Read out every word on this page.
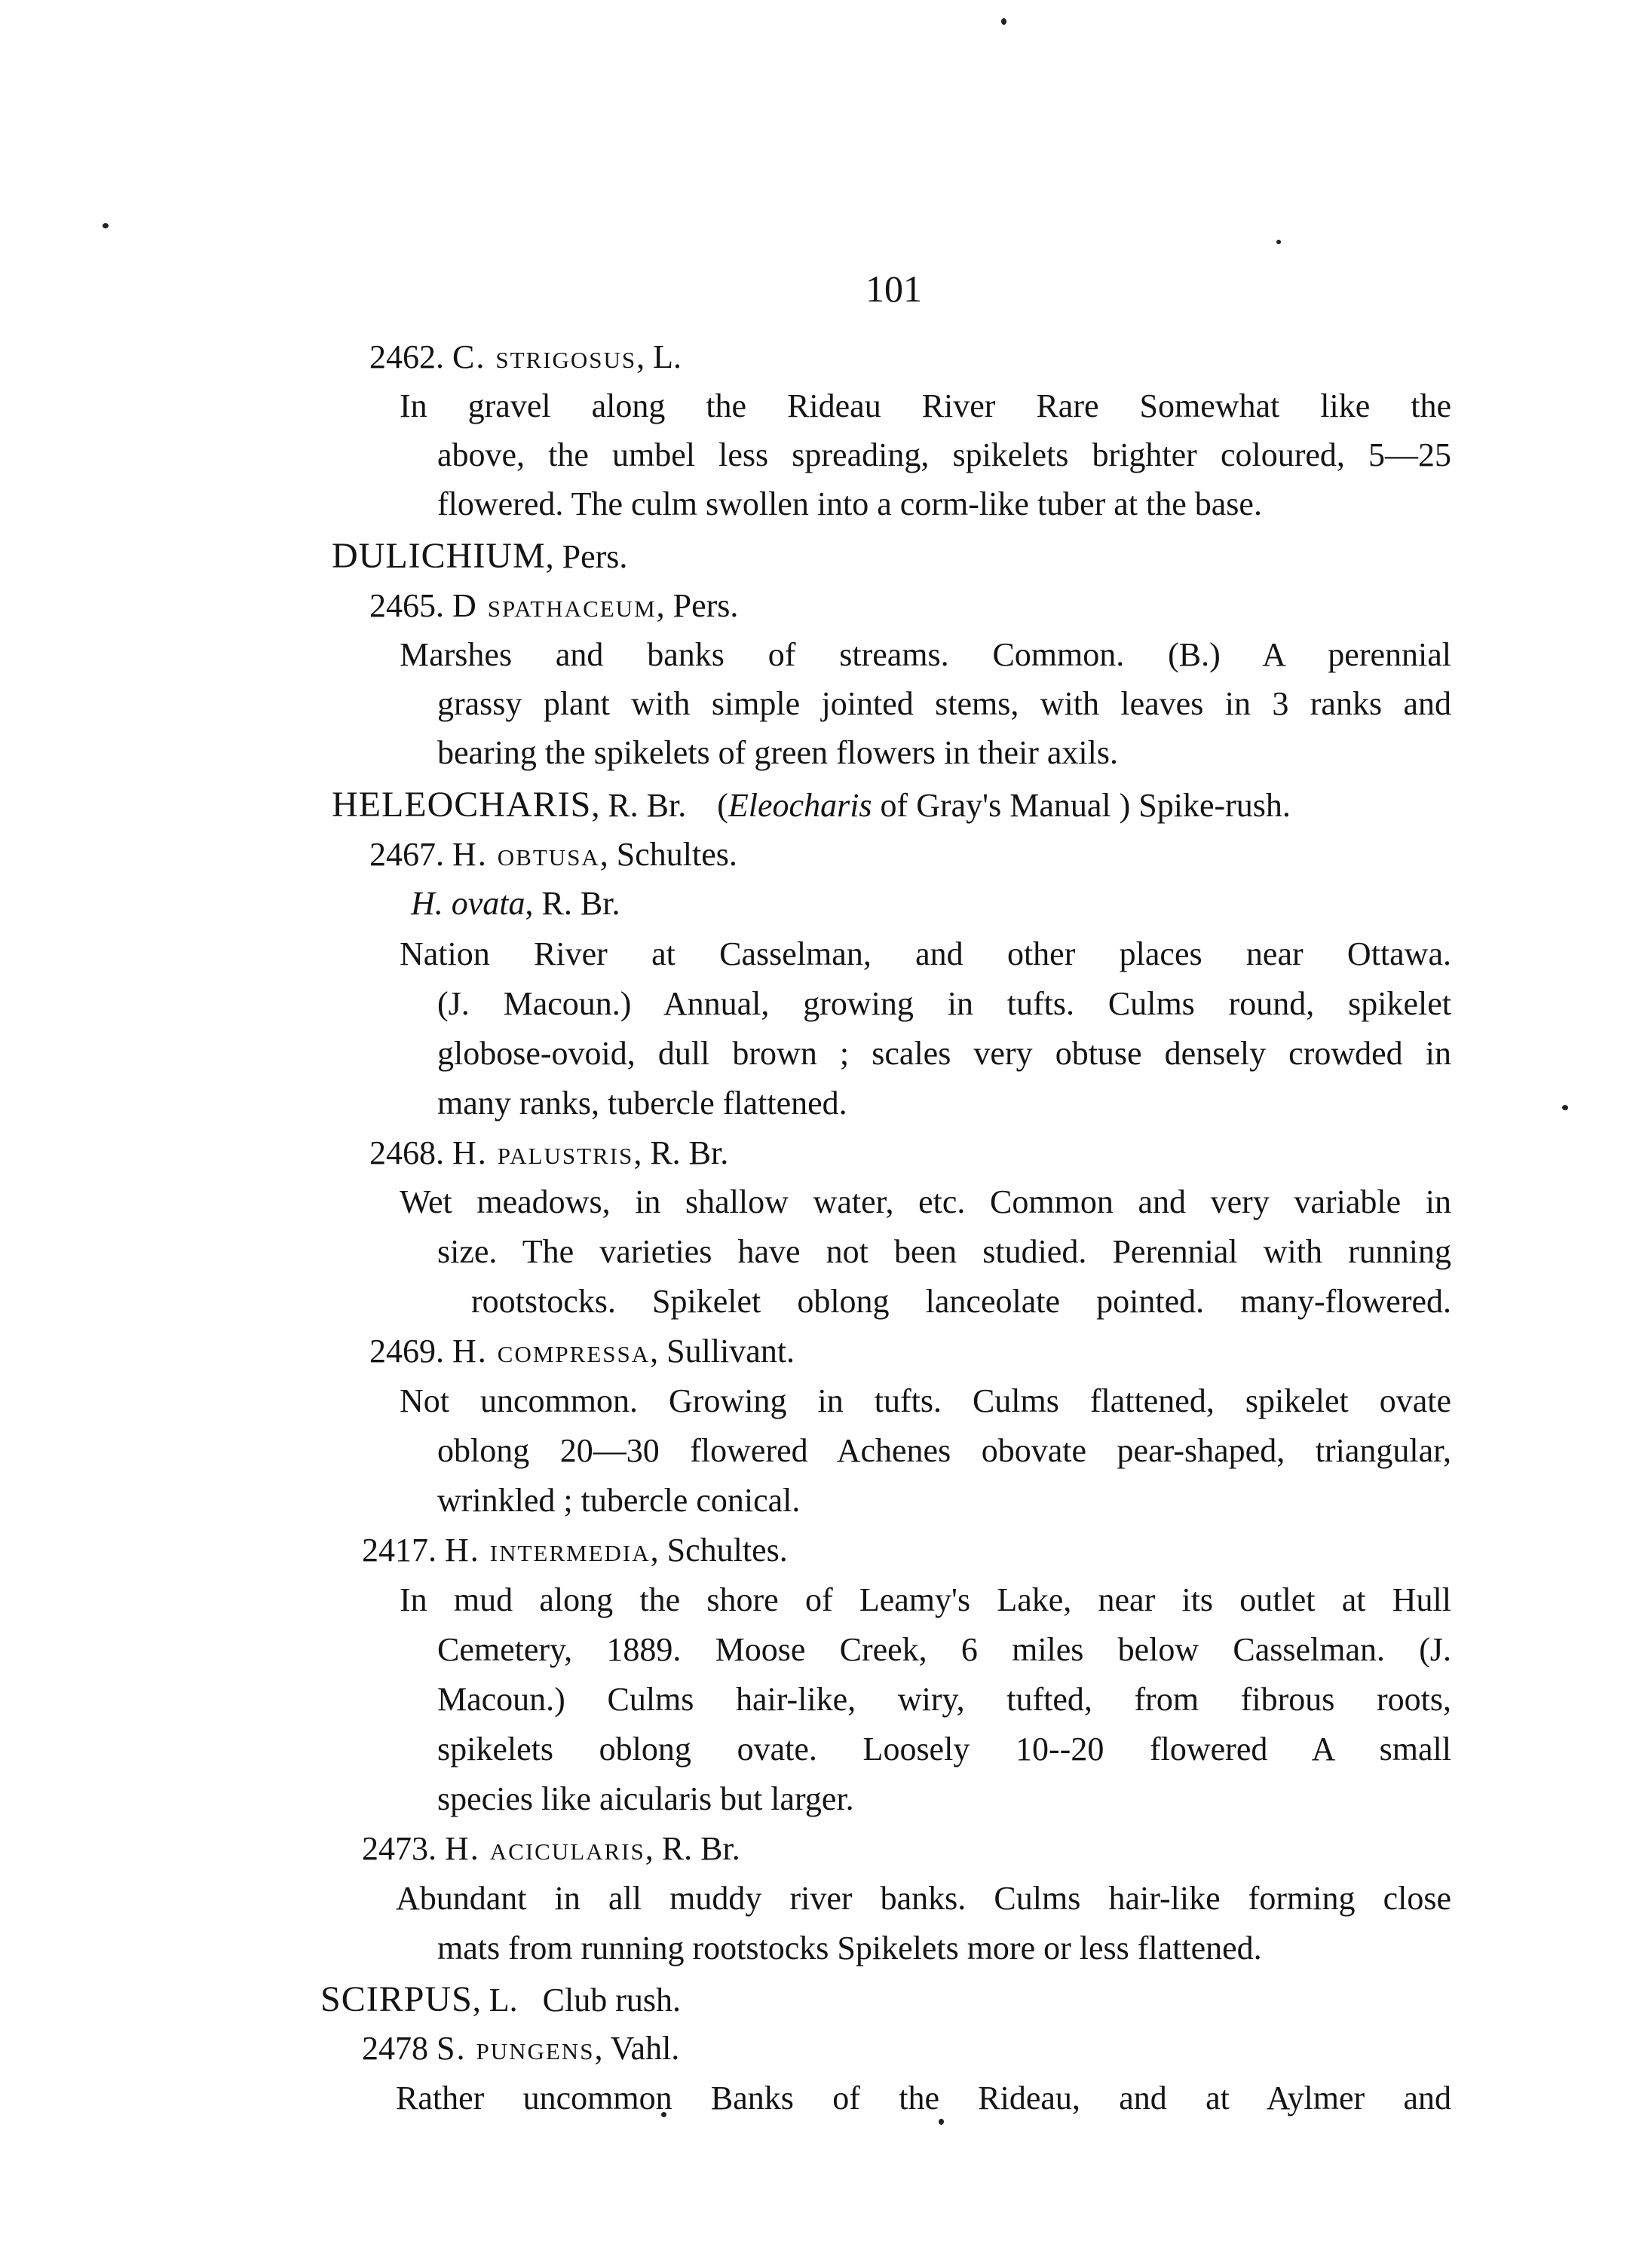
101
2462. C. strigosus, L.
In gravel along the Rideau River Rare Somewhat like the
above, the umbel less spreading, spikelets brighter coloured, 5—25
flowered. The culm swollen into a corm-like tuber at the base.
DULICHIUM, Pers.
2465. D spathaceum, Pers.
Marshes and banks of streams. Common. (B.) A perennial
grassy plant with simple jointed stems, with leaves in 3 ranks and
bearing the spikelets of green flowers in their axils.
HELEOCHARIS, R. Br. (Eleocharis of Gray's Manual ) Spike-rush.
2467. H. obtusa, Schultes.
H. ovata, R. Br.
Nation River at Casselman, and other places near Ottawa.
(J. Macoun.) Annual, growing in tufts. Culms round, spikelet
globose-ovoid, dull brown ; scales very obtuse densely crowded in
many ranks, tubercle flattened.
2468. H. palustris, R. Br.
Wet meadows, in shallow water, etc. Common and very variable in
size. The varieties have not been studied. Perennial with running
rootstocks. Spikelet oblong lanceolate pointed. many-flowered.
2469. H. compressa, Sullivant.
Not uncommon. Growing in tufts. Culms flattened, spikelet ovate
oblong 20—30 flowered Achenes obovate pear-shaped, triangular,
wrinkled ; tubercle conical.
2417. H. intermedia, Schultes.
In mud along the shore of Leamy's Lake, near its outlet at Hull
Cemetery, 1889. Moose Creek, 6 miles below Casselman. (J.
Macoun.) Culms hair-like, wiry, tufted, from fibrous roots,
spikelets oblong ovate. Loosely 10--20 flowered A small
species like aicularis but larger.
2473. H. acicularis, R. Br.
Abundant in all muddy river banks. Culms hair-like forming close
mats from running rootstocks Spikelets more or less flattened.
SCIRPUS, L.   Club rush.
2478 S. pungens, Vahl.
Rather uncommon Banks of the Rideau, and at Aylmer and
